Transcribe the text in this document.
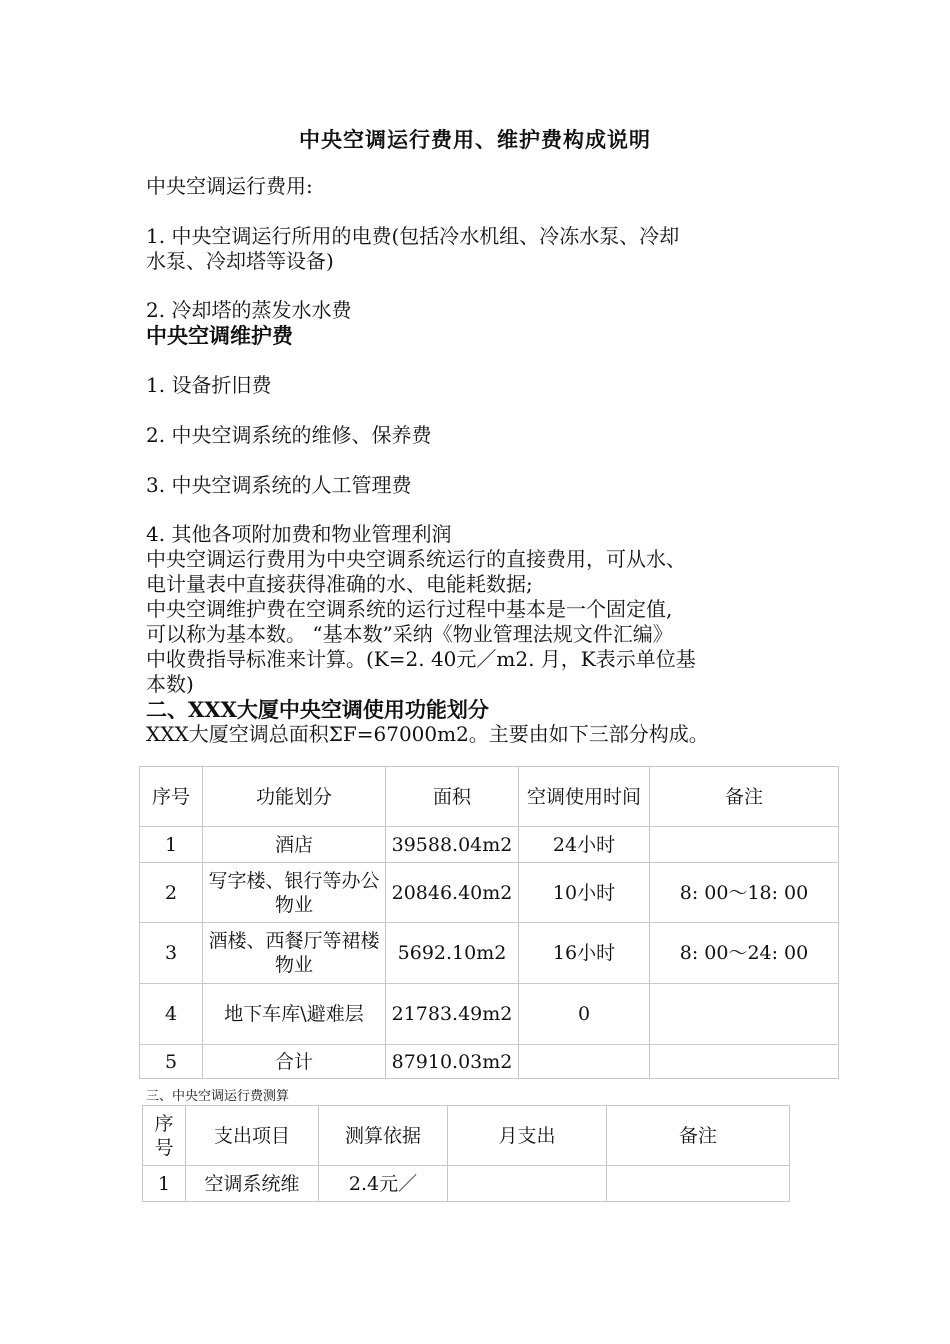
中央空调运行费用、维护费构成说明
中央空调运行费用:
1. 中央空调运行所用的电费(包括冷水机组、冷冻水泵、冷却
水泵、冷却塔等设备)
2. 冷却塔的蒸发水水费
中央空调维护费
1. 设备折旧费
2. 中央空调系统的维修、保养费
3. 中央空调系统的人工管理费
4. 其他各项附加费和物业管理利润
中央空调运行费用为中央空调系统运行的直接费用，可从水、
电计量表中直接获得准确的水、电能耗数据;
中央空调维护费在空调系统的运行过程中基本是一个固定值,
可以称为基本数。 “基本数”采纳《物业管理法规文件汇编》
中收费指导标准来计算。(K=2. 40元／m2. 月，K表示单位基
本数)
二、XXX大厦中央空调使用功能划分
XXX大厦空调总面积ΣF=67000m2。主要由如下三部分构成。
序号	功能划分	面积	空调使用时间	备注
1	酒店	39588.04m2	24小时	
2	写字楼、银行等办公物业	20846.40m2	10小时	8: 00～18: 00
3	酒楼、西餐厅等裙楼物业	5692.10m2	16小时	8: 00～24: 00
4	地下车库\避难层	21783.49m2	0	
5	合计	87910.03m2		
三、中央空调运行费测算
序号	支出项目	测算依据	月支出	备注
1	空调系统维	2.4元／		
